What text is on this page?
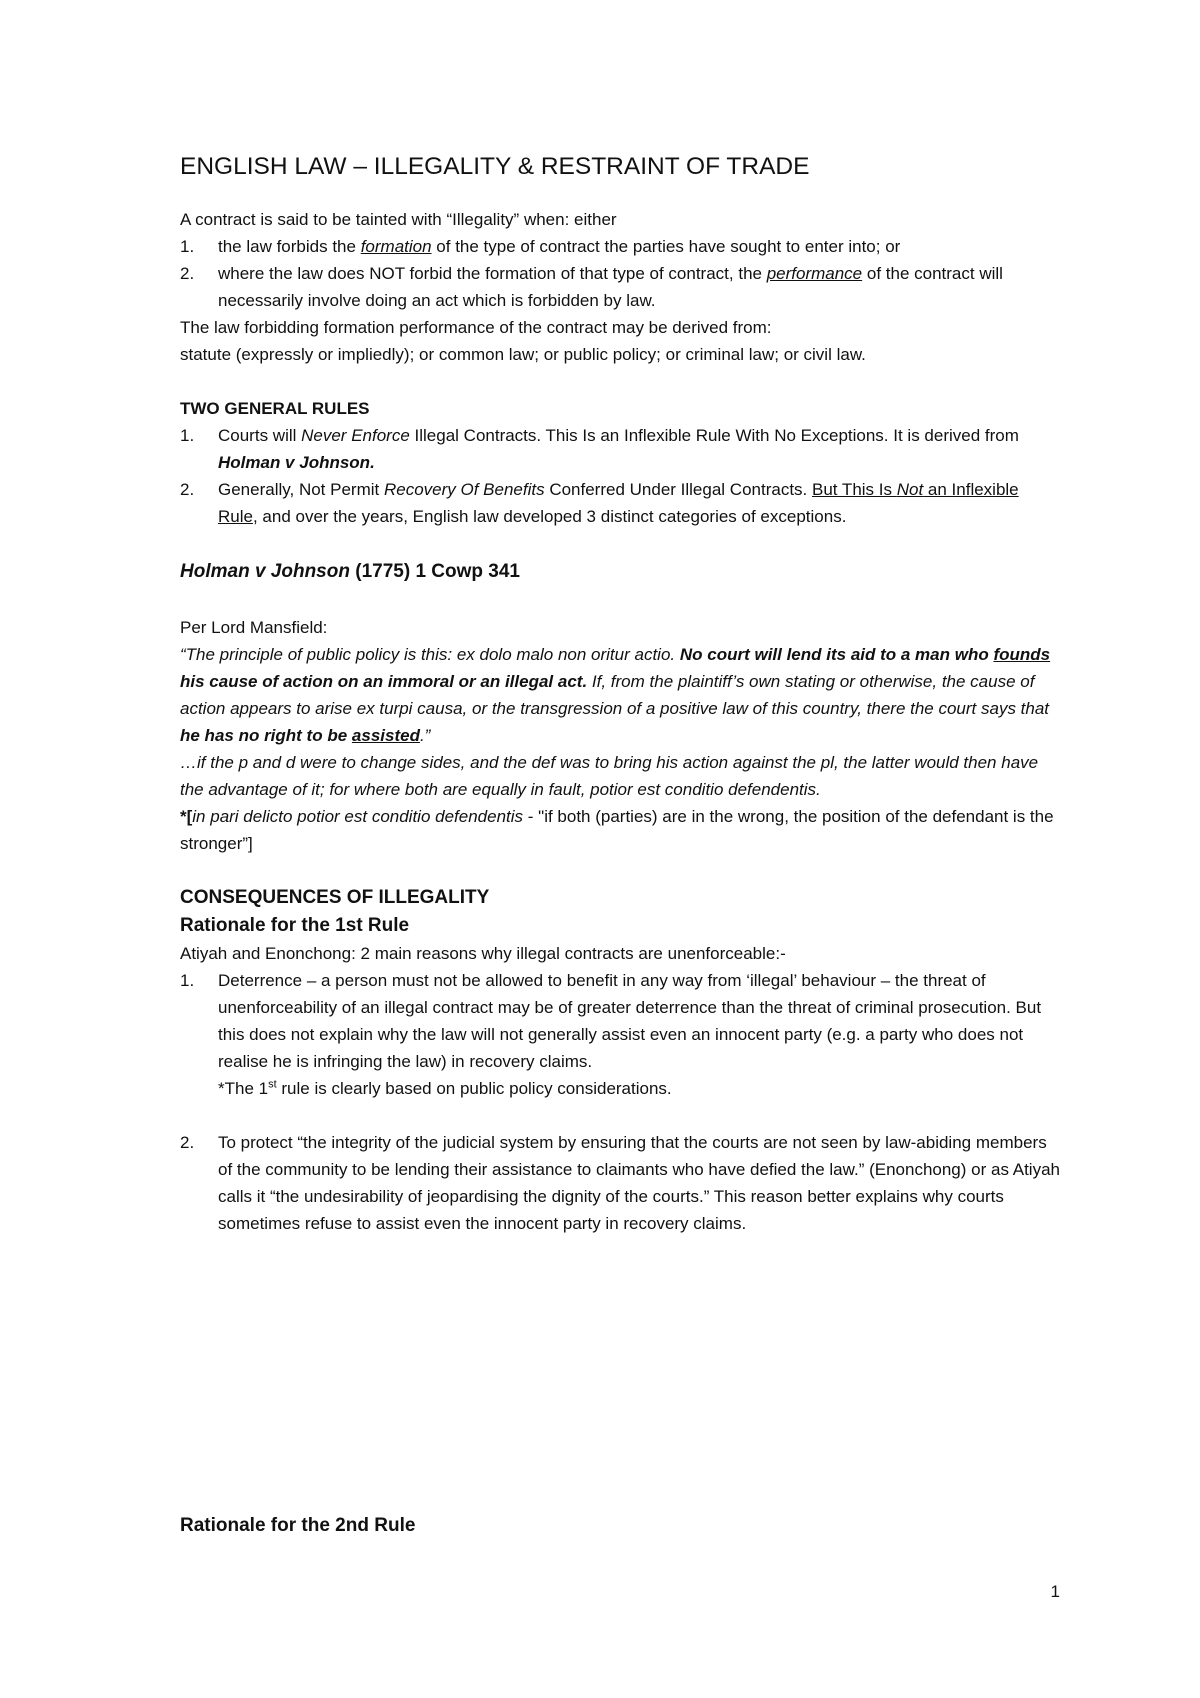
ENGLISH LAW – ILLEGALITY & RESTRAINT OF TRADE

A contract is said to be tainted with “Illegality” when: either

1. the law forbids the formation of the type of contract the parties have sought to enter into; or
2. where the law does NOT forbid the formation of that type of contract, the performance of the contract will necessarily involve doing an act which is forbidden by law.

The law forbidding formation performance of the contract may be derived from:

statute (expressly or impliedly); or common law; or public policy; or criminal law; or civil law.

TWO GENERAL RULES

1. Courts will Never Enforce Illegal Contracts. This Is an Inflexible Rule With No Exceptions. It is derived from Holman v Johnson.
2. Generally, Not Permit Recovery Of Benefits Conferred Under Illegal Contracts. But This Is Not an Inflexible Rule, and over the years, English law developed 3 distinct categories of exceptions.

Holman v Johnson (1775) 1 Cowp 341

Per Lord Mansfield:

“The principle of public policy is this: ex dolo malo non oritur actio. No court will lend its aid to a man who founds his cause of action on an immoral or an illegal act. If, from the plaintiff’s own stating or otherwise, the cause of action appears to arise ex turpi causa, or the transgression of a positive law of this country, there the court says that he has no right to be assisted.”

…if the p and d were to change sides, and the def was to bring his action against the pl, the latter would then have the advantage of it; for where both are equally in fault, potior est conditio defendentis.

*[in pari delicto potior est conditio defendentis - "if both (parties) are in the wrong, the position of the defendant is the stronger”]

CONSEQUENCES OF ILLEGALITY

Rationale for the 1st Rule

Atiyah and Enonchong: 2 main reasons why illegal contracts are unenforceable:-

1. Deterrence – a person must not be allowed to benefit in any way from ‘illegal’ behaviour – the threat of unenforceability of an illegal contract may be of greater deterrence than the threat of criminal prosecution. But this does not explain why the law will not generally assist even an innocent party (e.g. a party who does not realise he is infringing the law) in recovery claims.
*The 1st rule is clearly based on public policy considerations.
2. To protect “the integrity of the judicial system by ensuring that the courts are not seen by law-abiding members of the community to be lending their assistance to claimants who have defied the law.” (Enonchong) or as Atiyah calls it “the undesirability of jeopardising the dignity of the courts.” This reason better explains why courts sometimes refuse to assist even the innocent party in recovery claims.

Rationale for the 2nd Rule

1
